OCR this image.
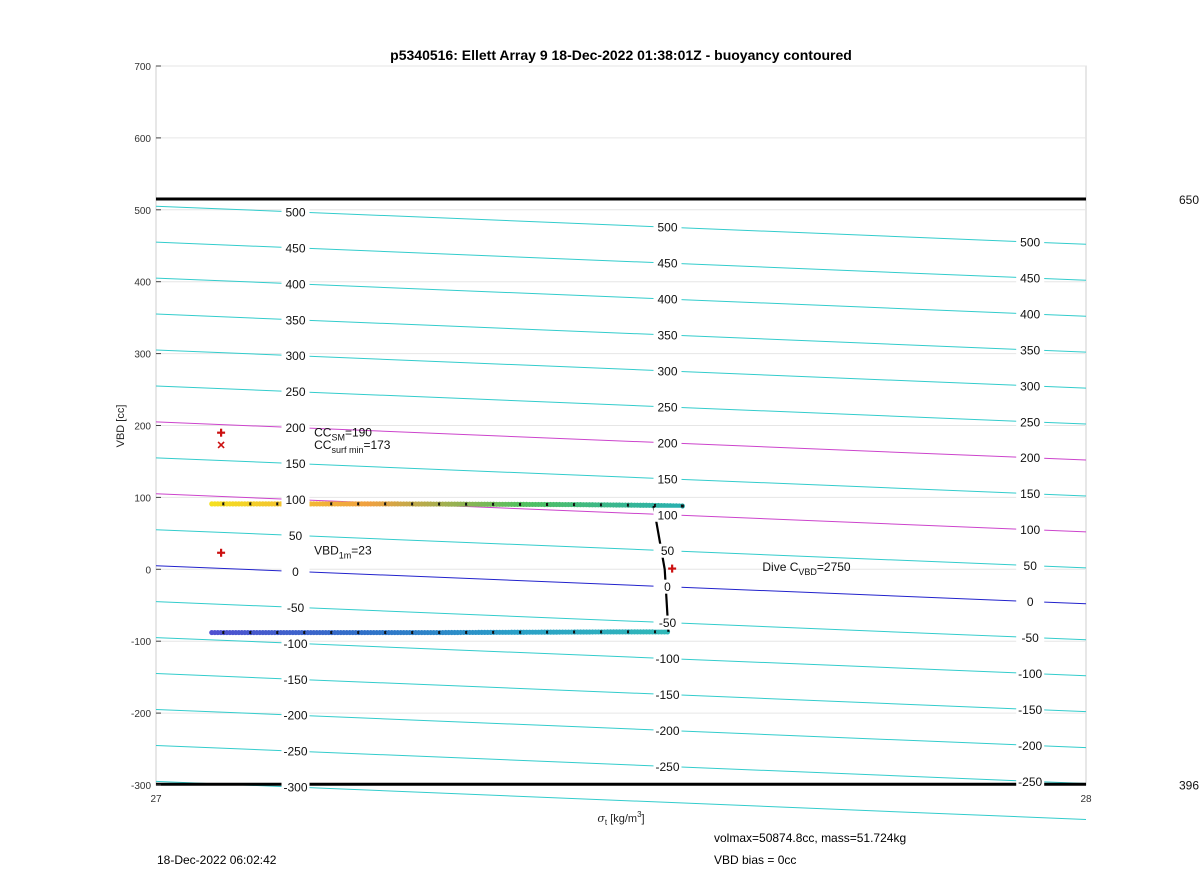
650
396
500
450
400
350
300
250
200
150
100
50
0
-50
-100
-150
-200
-250
-300
500
450
400
350
300
250
200
150
100
50
0
-50
-100
-150
-200
-250
500
450
400
350
300
250
200
150
100
50
0
-50
-100
-150
-200
-250
$CC_{SM}=190$
$CC_{surf min}=173$
$VBD_{1m}=23$
Dive $C_{VBD}=2750$
-300
-200
-100
0
100
200
300
400
500
600
700
27	28
p5340516: Ellett Array 9 18-Dec-2022 01:38:01Z - buoyancy contoured
VBD [cc]
$\sigma_t$ $[kg/m^3]$
18-Dec-2022 06:02:42
volmax=50874.8cc, mass=51.724kg
VBD bias = 0cc
